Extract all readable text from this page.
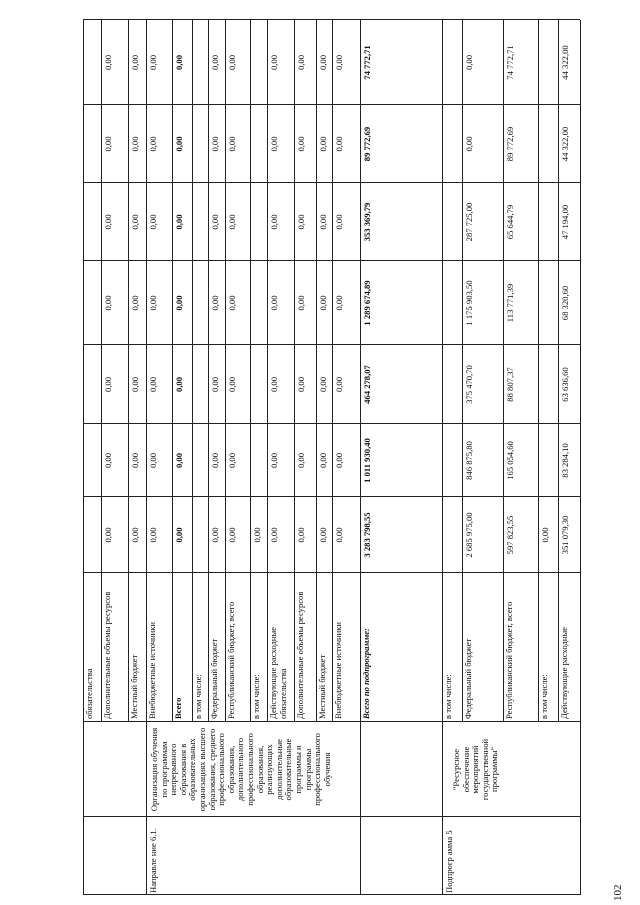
102
Направле ние 6.1.	Подпрогр амма 5
Организация обучения по программам непрерывного образования в образовательных организациях высшего образования, среднего профессионального образования, дополнительного профессионального образования, реализующих дополнительные образовательные программы и программы профессионального обучения	"Ресурсное обеспечение мероприятий государственной программы"
обязательства Дополнительные объемы ресурсов
0,00
0,00
0,00
0,00
0,00
0,00
0,00
Местный бюджет
0,00
0,00
0,00
0,00
0,00
0,00
0,00
Внебюджетные источники
0,00
0,00
0,00
0,00
0,00
0,00
0,00
Всего
0,00
0,00
0,00
0,00
0,00
0,00
0,00
в том числе: Федеральный бюджет
0,00
0,00
0,00
0,00
0,00
0,00
0,00
Республиканский бюджет, всего
0,00
0,00
0,00
0,00
0,00
0,00
0,00
в том числе:
0,00
Действующие расходные обязательства
0,00
0,00
0,00
0,00
0,00
0,00
0,00
Дополнительные объемы ресурсов
0,00
0,00
0,00
0,00
0,00
0,00
0,00
Местный бюджет
0,00
0,00
0,00
0,00
0,00
0,00
0,00
Внебюджетные источники
0,00
0,00
0,00
0,00
0,00
0,00
0,00
Всего по подпрограмме:
3 283 798,55
1 011 930,40
464 278,07
1 289 674,89
353 369,79
89 772,69
74 772,71
в том числе: Федеральный бюджет
2 685 975,00
846 875,80
375 470,70
1 175 903,50
287 725,00
0,00
0,00
Республиканский бюджет, всего
597 823,55
165 054,60
88 807,37
113 771,39
65 644,79
89 772,69
74 772,71
в том числе:
0,00
Действующие расходные
351 079,30
83 284,10
63 636,60
68 320,60
47 194,00
44 322,00
44 322,00
